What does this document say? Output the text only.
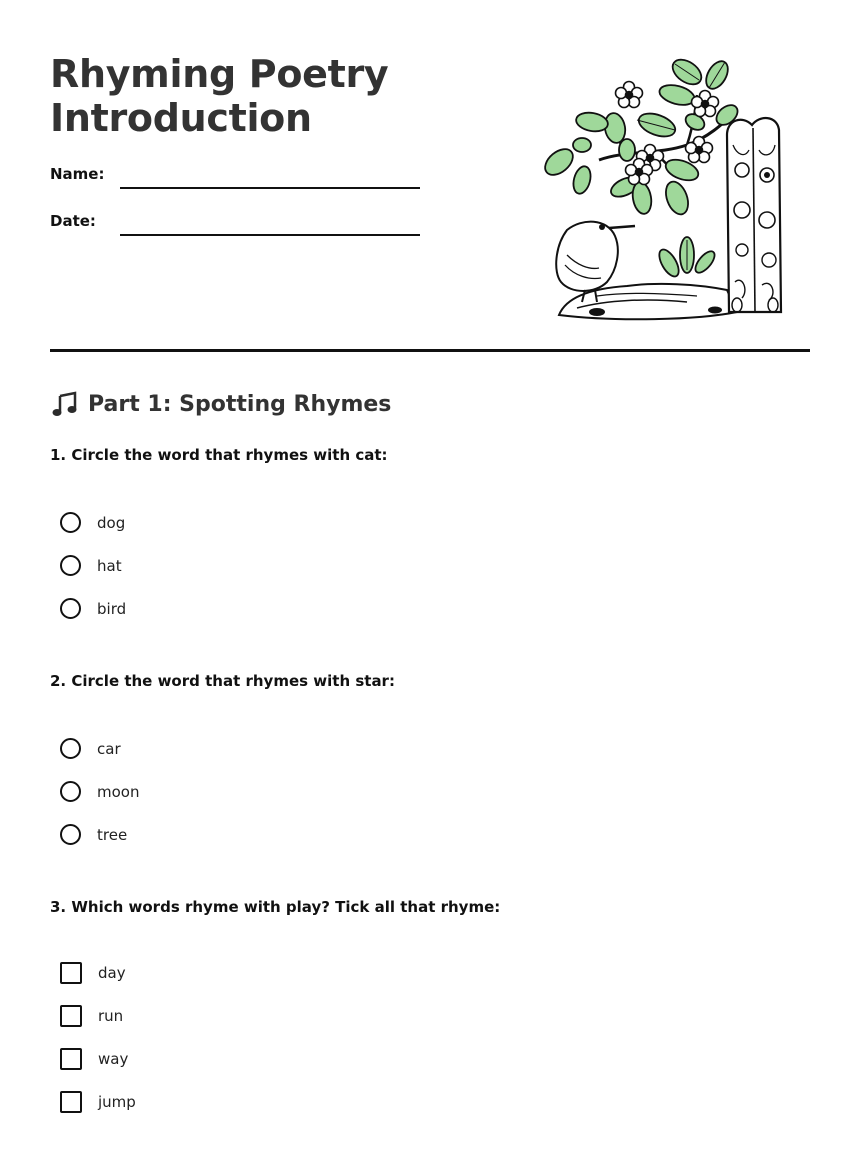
Rhyming Poetry
Introduction
Name:
Date:
Part 1: Spotting Rhymes

1. Circle the word that rhymes with cat:

dog
hat
bird

2. Circle the word that rhymes with star:

car
moon
tree

3. Which words rhyme with play? Tick all that rhyme:

day
run
way
jump
